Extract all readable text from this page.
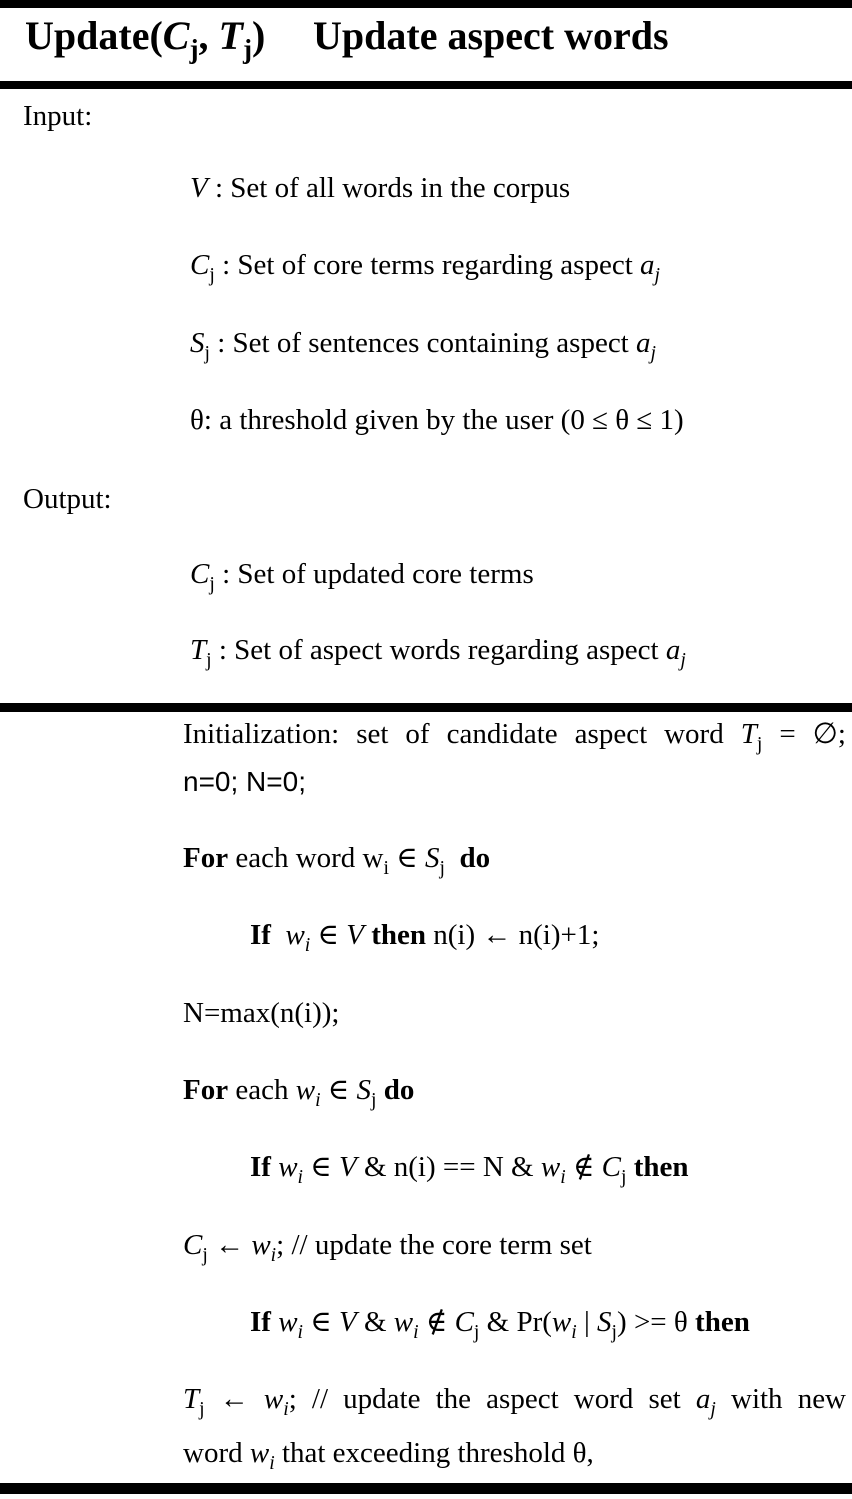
$Update(C_j$, $T_j$) Update aspect words
Input:
V : Set of all words in the corpus
$C_j$ : Set of core terms regarding aspect $a_j$
$S_j$ : Set of sentences containing aspect $a_j$
θ: a threshold given by the user (0 ≤ θ ≤ 1)
Output:
$C_j$ : Set of updated core terms
$T_j$ : Set of aspect words regarding aspect $a_j$
Initialization: set of candidate aspect word $T_j$ = ∅;
n=0; N=0;
For each word $w_i$ ∈ $S_j$ do
If $w_i$ ∈ V then n(i) ← n(i)+1;
N=max(n(i));
For each $w_i$ ∈ $S_j$ do
If $w_i$ ∈ V & n(i) == N & $w_i$ ∉ $C_j$ then
$C_j$ ← $w_i$; // update the core term set
If $w_i$ ∈ V & $w_i$ ∉ $C_j$ & $Pr(w_i$ | $S_j) >= \theta$ then
$T_j$ ← $w_i$; // update the aspect word set $a_j$ with new
word $w_i$ that exceeding threshold θ,
